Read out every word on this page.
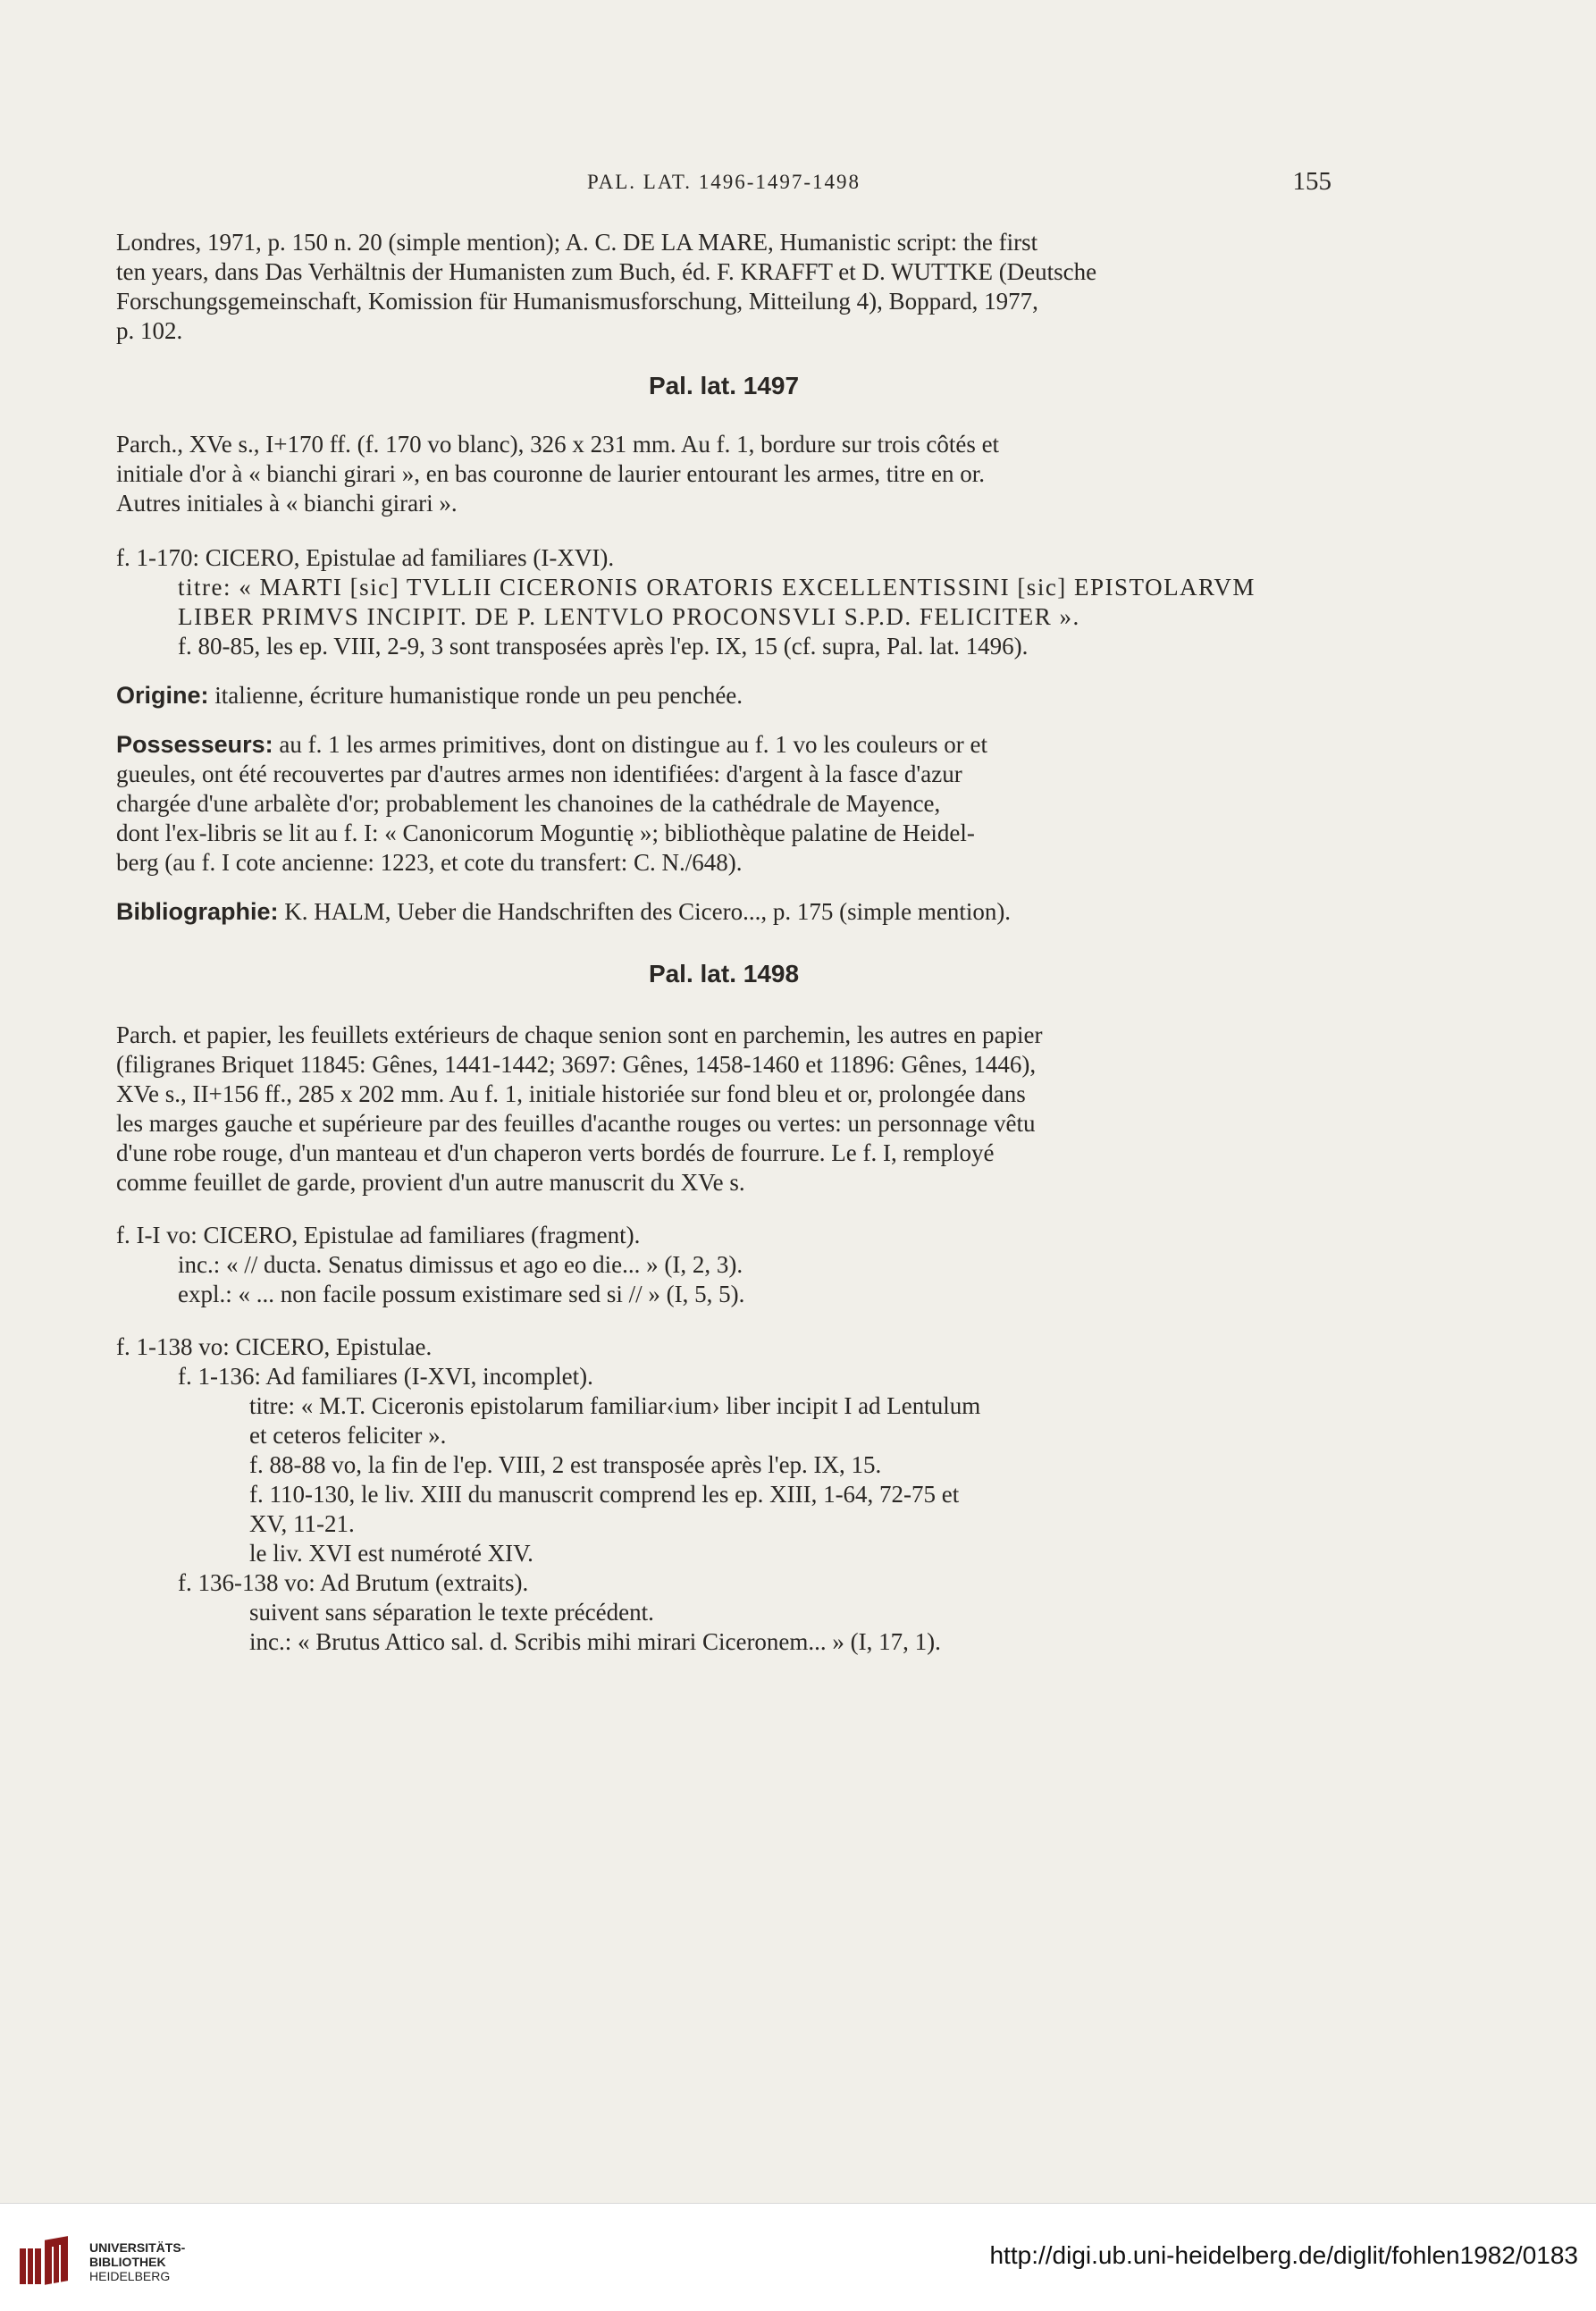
PAL. LAT. 1496-1497-1498	155
Londres, 1971, p. 150 n. 20 (simple mention); A. C. DE LA MARE, Humanistic script: the first
ten years, dans Das Verhältnis der Humanisten zum Buch, éd. F. KRAFFT et D. WUTTKE (Deutsche
Forschungsgemeinschaft, Komission für Humanismusforschung, Mitteilung 4), Boppard, 1977,
p. 102.
Pal. lat. 1497
Parch., XVe s., I+170 ff. (f. 170 vo blanc), 326 x 231 mm. Au f. 1, bordure sur trois côtés et
initiale d'or à « bianchi girari », en bas couronne de laurier entourant les armes, titre en or.
Autres initiales à « bianchi girari ».
f. 1-170: CICERO, Epistulae ad familiares (I-XVI).
titre: « MARTI [sic] TVLLII CICERONIS ORATORIS EXCELLENTISSINI [sic] EPISTOLARVM
LIBER PRIMVS INCIPIT. DE P. LENTVLO PROCONSVLI S.P.D. FELICITER ».
f. 80-85, les ep. VIII, 2-9, 3 sont transposées après l'ep. IX, 15 (cf. supra, Pal. lat. 1496).
Origine: italienne, écriture humanistique ronde un peu penchée.
Possesseurs: au f. 1 les armes primitives, dont on distingue au f. 1 vo les couleurs or et
gueules, ont été recouvertes par d'autres armes non identifiées: d'argent à la fasce d'azur
chargée d'une arbalète d'or; probablement les chanoines de la cathédrale de Mayence,
dont l'ex-libris se lit au f. I: « Canonicorum Moguntię »; bibliothèque palatine de Heidel-
berg (au f. I cote ancienne: 1223, et cote du transfert: C. N./648).
Bibliographie: K. HALM, Ueber die Handschriften des Cicero..., p. 175 (simple mention).
Pal. lat. 1498
Parch. et papier, les feuillets extérieurs de chaque senion sont en parchemin, les autres en papier
(filigranes Briquet 11845: Gênes, 1441-1442; 3697: Gênes, 1458-1460 et 11896: Gênes, 1446),
XVe s., II+156 ff., 285 x 202 mm. Au f. 1, initiale historiée sur fond bleu et or, prolongée dans
les marges gauche et supérieure par des feuilles d'acanthe rouges ou vertes: un personnage vêtu
d'une robe rouge, d'un manteau et d'un chaperon verts bordés de fourrure. Le f. I, remployé
comme feuillet de garde, provient d'un autre manuscrit du XVe s.
f. I-I vo: CICERO, Epistulae ad familiares (fragment).
inc.: « // ducta. Senatus dimissus et ago eo die... » (I, 2, 3).
expl.: « ... non facile possum existimare sed si // » (I, 5, 5).
f. 1-138 vo: CICERO, Epistulae.
f. 1-136: Ad familiares (I-XVI, incomplet).
titre: « M.T. Ciceronis epistolarum familiar‹ium› liber incipit I ad Lentulum
et ceteros feliciter ».
f. 88-88 vo, la fin de l'ep. VIII, 2 est transposée après l'ep. IX, 15.
f. 110-130, le liv. XIII du manuscrit comprend les ep. XIII, 1-64, 72-75 et
XV, 11-21.
le liv. XVI est numéroté XIV.
f. 136-138 vo: Ad Brutum (extraits).
suivent sans séparation le texte précédent.
inc.: « Brutus Attico sal. d. Scribis mihi mirari Ciceronem... » (I, 17, 1).
UNIVERSITÄTS-
BIBLIOTHEK
HEIDELBERG
http://digi.ub.uni-heidelberg.de/diglit/fohlen1982/0183
